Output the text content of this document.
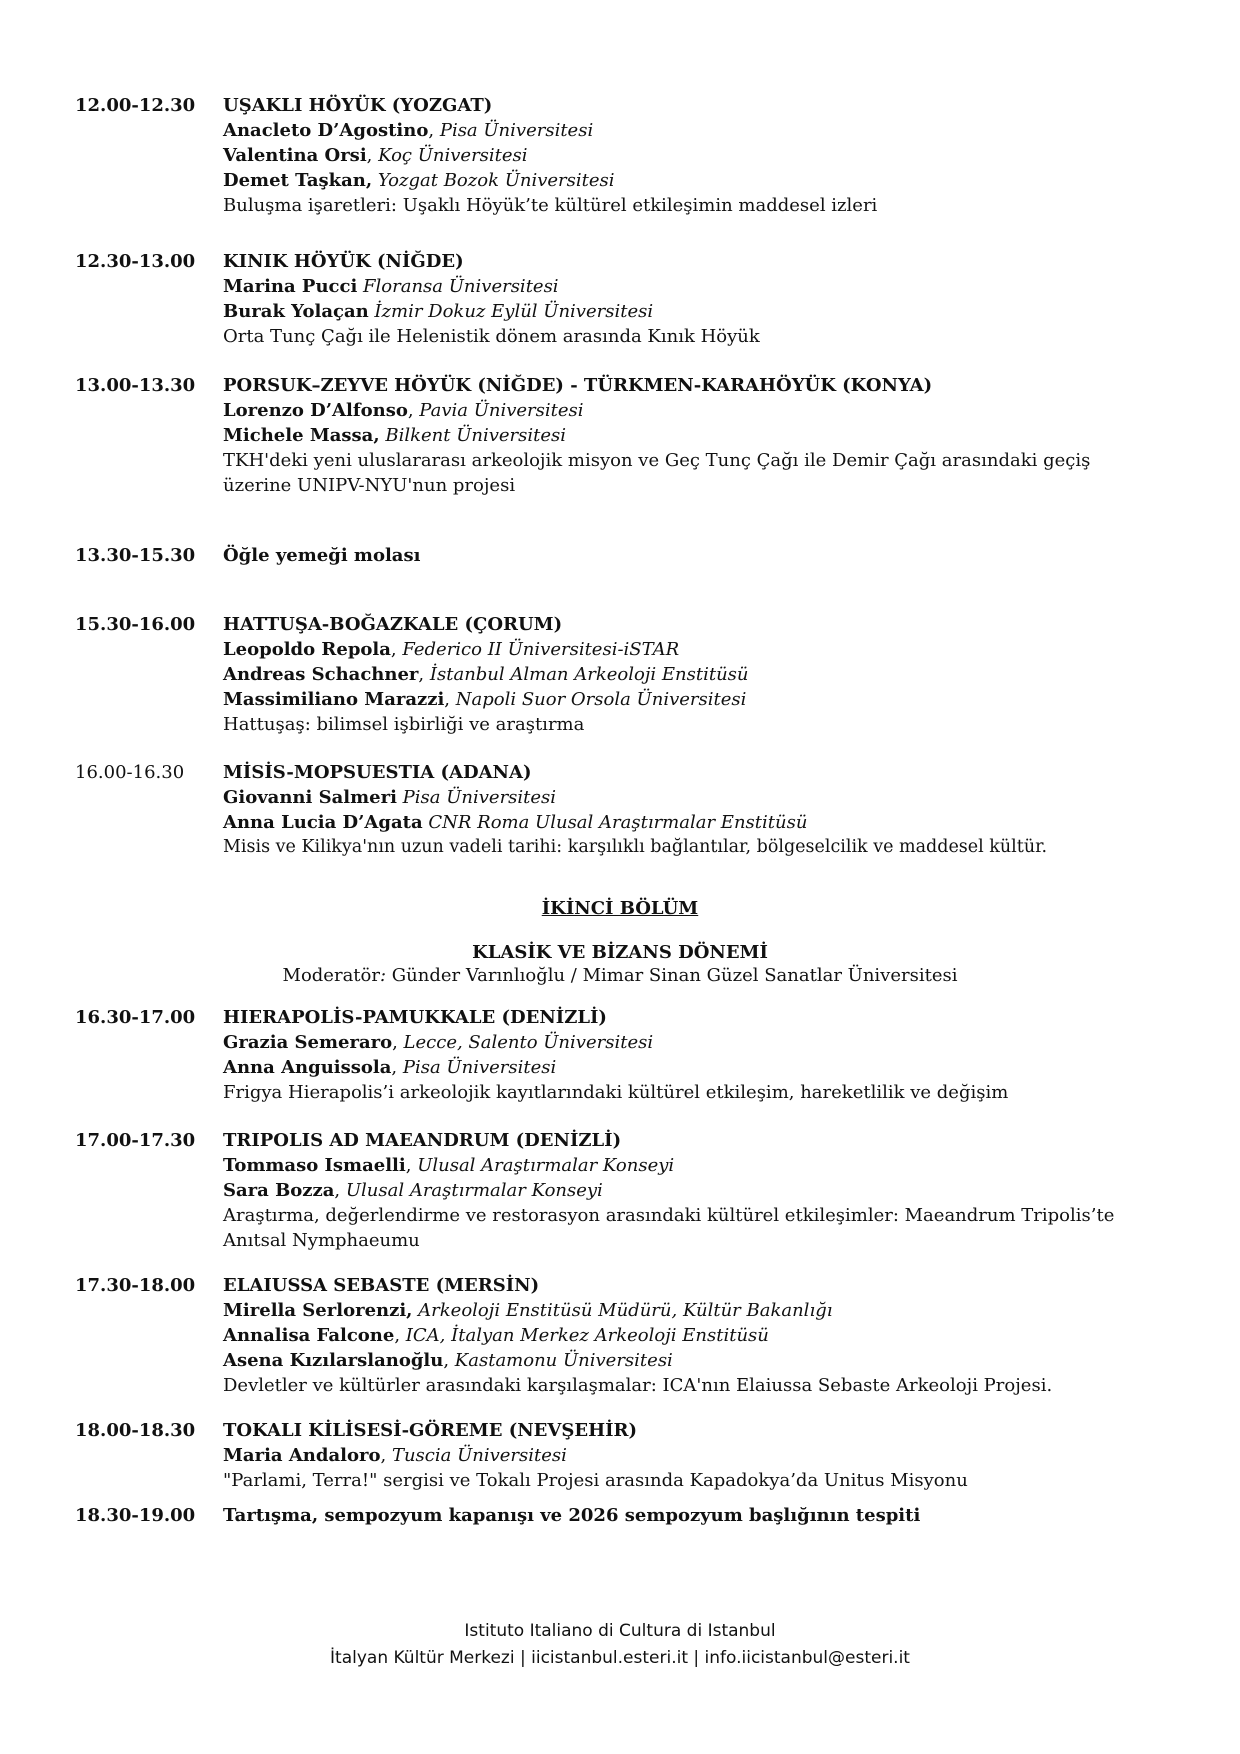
12.00-12.30	UŞAKLI HÖYÜK (YOZGAT)
Anacleto D’Agostino, Pisa Üniversitesi
Valentina Orsi, Koç Üniversitesi
Demet Taşkan, Yozgat Bozok Üniversitesi
Buluşma işaretleri: Uşaklı Höyük’te kültürel etkileşimin maddesel izleri
12.30-13.00	KINIK HÖYÜK (NİĞDE)
Marina Pucci Floransa Üniversitesi
Burak Yolaçan İzmir Dokuz Eylül Üniversitesi
Orta Tunç Çağı ile Helenistik dönem arasında Kınık Höyük
13.00-13.30	PORSUK–ZEYVE HÖYÜK (NİĞDE) - TÜRKMEN-KARAHÖYÜK (KONYA)
Lorenzo D’Alfonso, Pavia Üniversitesi
Michele Massa, Bilkent Üniversitesi
TKH'deki yeni uluslararası arkeolojik misyon ve Geç Tunç Çağı ile Demir Çağı arasındaki geçiş üzerine UNIPV-NYU'nun projesi
13.30-15.30	Öğle yemeği molası
15.30-16.00	HATTUŞA-BOĞAZKALE (ÇORUM)
Leopoldo Repola, Federico II Üniversitesi-iSTAR
Andreas Schachner, İstanbul Alman Arkeoloji Enstitüsü
Massimiliano Marazzi, Napoli Suor Orsola Üniversitesi
Hattuşaş: bilimsel işbirliği ve araştırma
16.00-16.30	MİSİS-MOPSUESTIA (ADANA)
Giovanni Salmeri Pisa Üniversitesi
Anna Lucia D’Agata CNR Roma Ulusal Araştırmalar Enstitüsü
Misis ve Kilikya'nın uzun vadeli tarihi: karşılıklı bağlantılar, bölgeselcilik ve maddesel kültür.
İKİNCİ BÖLÜM
KLASİK VE BİZANS DÖNEMİ
Moderatör: Günder Varınlıoğlu / Mimar Sinan Güzel Sanatlar Üniversitesi
16.30-17.00	HIERAPOLİS-PAMUKKALE (DENİZLİ)
Grazia Semeraro, Lecce, Salento Üniversitesi
Anna Anguissola, Pisa Üniversitesi
Frigya Hierapolis’i arkeolojik kayıtlarındaki kültürel etkileşim, hareketlilik ve değişim
17.00-17.30	TRIPOLIS AD MAEANDRUM (DENİZLİ)
Tommaso Ismaelli, Ulusal Araştırmalar Konseyi
Sara Bozza, Ulusal Araştırmalar Konseyi
Araştırma, değerlendirme ve restorasyon arasındaki kültürel etkileşimler: Maeandrum Tripolis’te Anıtsal Nymphaeumu
17.30-18.00	ELAIUSSA SEBASTE (MERSİN)
Mirella Serlorenzi, Arkeoloji Enstitüsü Müdürü, Kültür Bakanlığı
Annalisa Falcone, ICA, İtalyan Merkez Arkeoloji Enstitüsü
Asena Kızılarslanoğlu, Kastamonu Üniversitesi
Devletler ve kültürler arasındaki karşılaşmalar: ICA'nın Elaiussa Sebaste Arkeoloji Projesi.
18.00-18.30	TOKALI KİLİSESİ-GÖREME (NEVŞEHİR)
Maria Andaloro, Tuscia Üniversitesi
"Parlami, Terra!" sergisi ve Tokalı Projesi arasında Kapadokya’da Unitus Misyonu
18.30-19.00	Tartışma, sempozyum kapanışı ve 2026 sempozyum başlığının tespiti
Istituto Italiano di Cultura di Istanbul
İtalyan Kültür Merkezi | iicistanbul.esteri.it | info.iicistanbul@esteri.it
